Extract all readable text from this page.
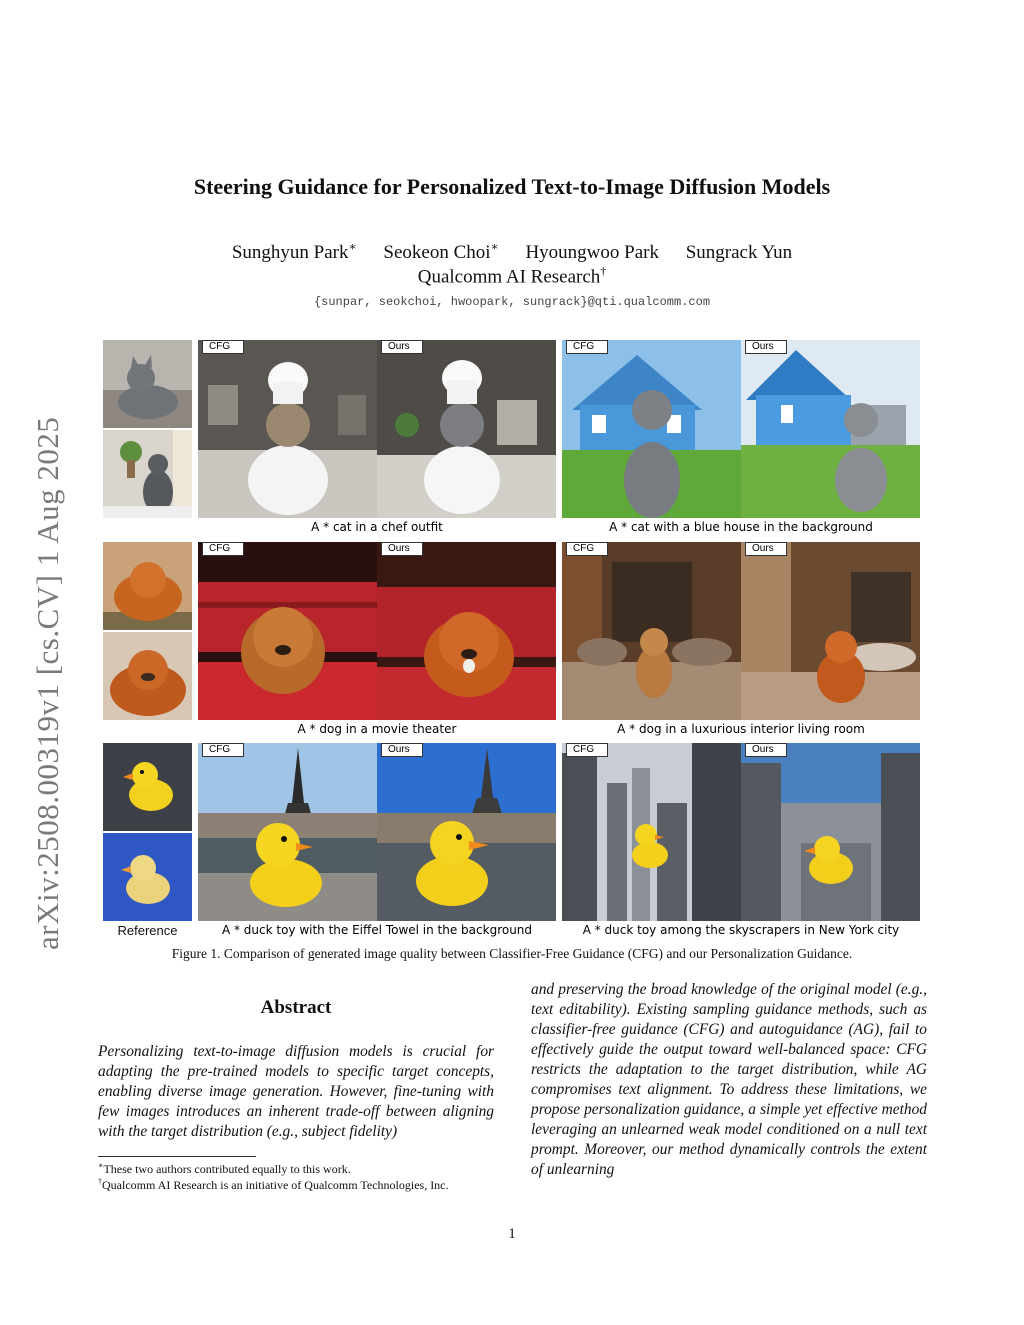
arXiv:2508.00319v1 [cs.CV] 1 Aug 2025
Steering Guidance for Personalized Text-to-Image Diffusion Models
Sunghyun Park∗ Seokeon Choi∗ Hyoungwoo Park Sungrack Yun
Qualcomm AI Research†
{sunpar, seokchoi, hwoopark, sungrack}@qti.qualcomm.com
CFG	Ours
A * cat in a chef outfit
CFG	Ours
A * cat with a blue house in the background
CFG	Ours
A * dog in a movie theater
CFG	Ours
A * dog in a luxurious interior living room
CFG	Ours
A * duck toy with the Eiffel Towel in the background
CFG	Ours
A * duck toy among the skyscrapers in New York city
Reference
Figure 1. Comparison of generated image quality between Classifier-Free Guidance (CFG) and our Personalization Guidance.
Abstract
Personalizing text-to-image diffusion models is crucial for adapting the pre-trained models to specific target concepts, enabling diverse image generation. However, fine-tuning with few images introduces an inherent trade-off between aligning with the target distribution (e.g., subject fidelity)
and preserving the broad knowledge of the original model (e.g., text editability). Existing sampling guidance methods, such as classifier-free guidance (CFG) and autoguidance (AG), fail to effectively guide the output toward well-balanced space: CFG restricts the adaptation to the target distribution, while AG compromises text alignment. To address these limitations, we propose personalization guidance, a simple yet effective method leveraging an unlearned weak model conditioned on a null text prompt. Moreover, our method dynamically controls the extent of unlearning
∗These two authors contributed equally to this work.
†Qualcomm AI Research is an initiative of Qualcomm Technologies, Inc.
1
